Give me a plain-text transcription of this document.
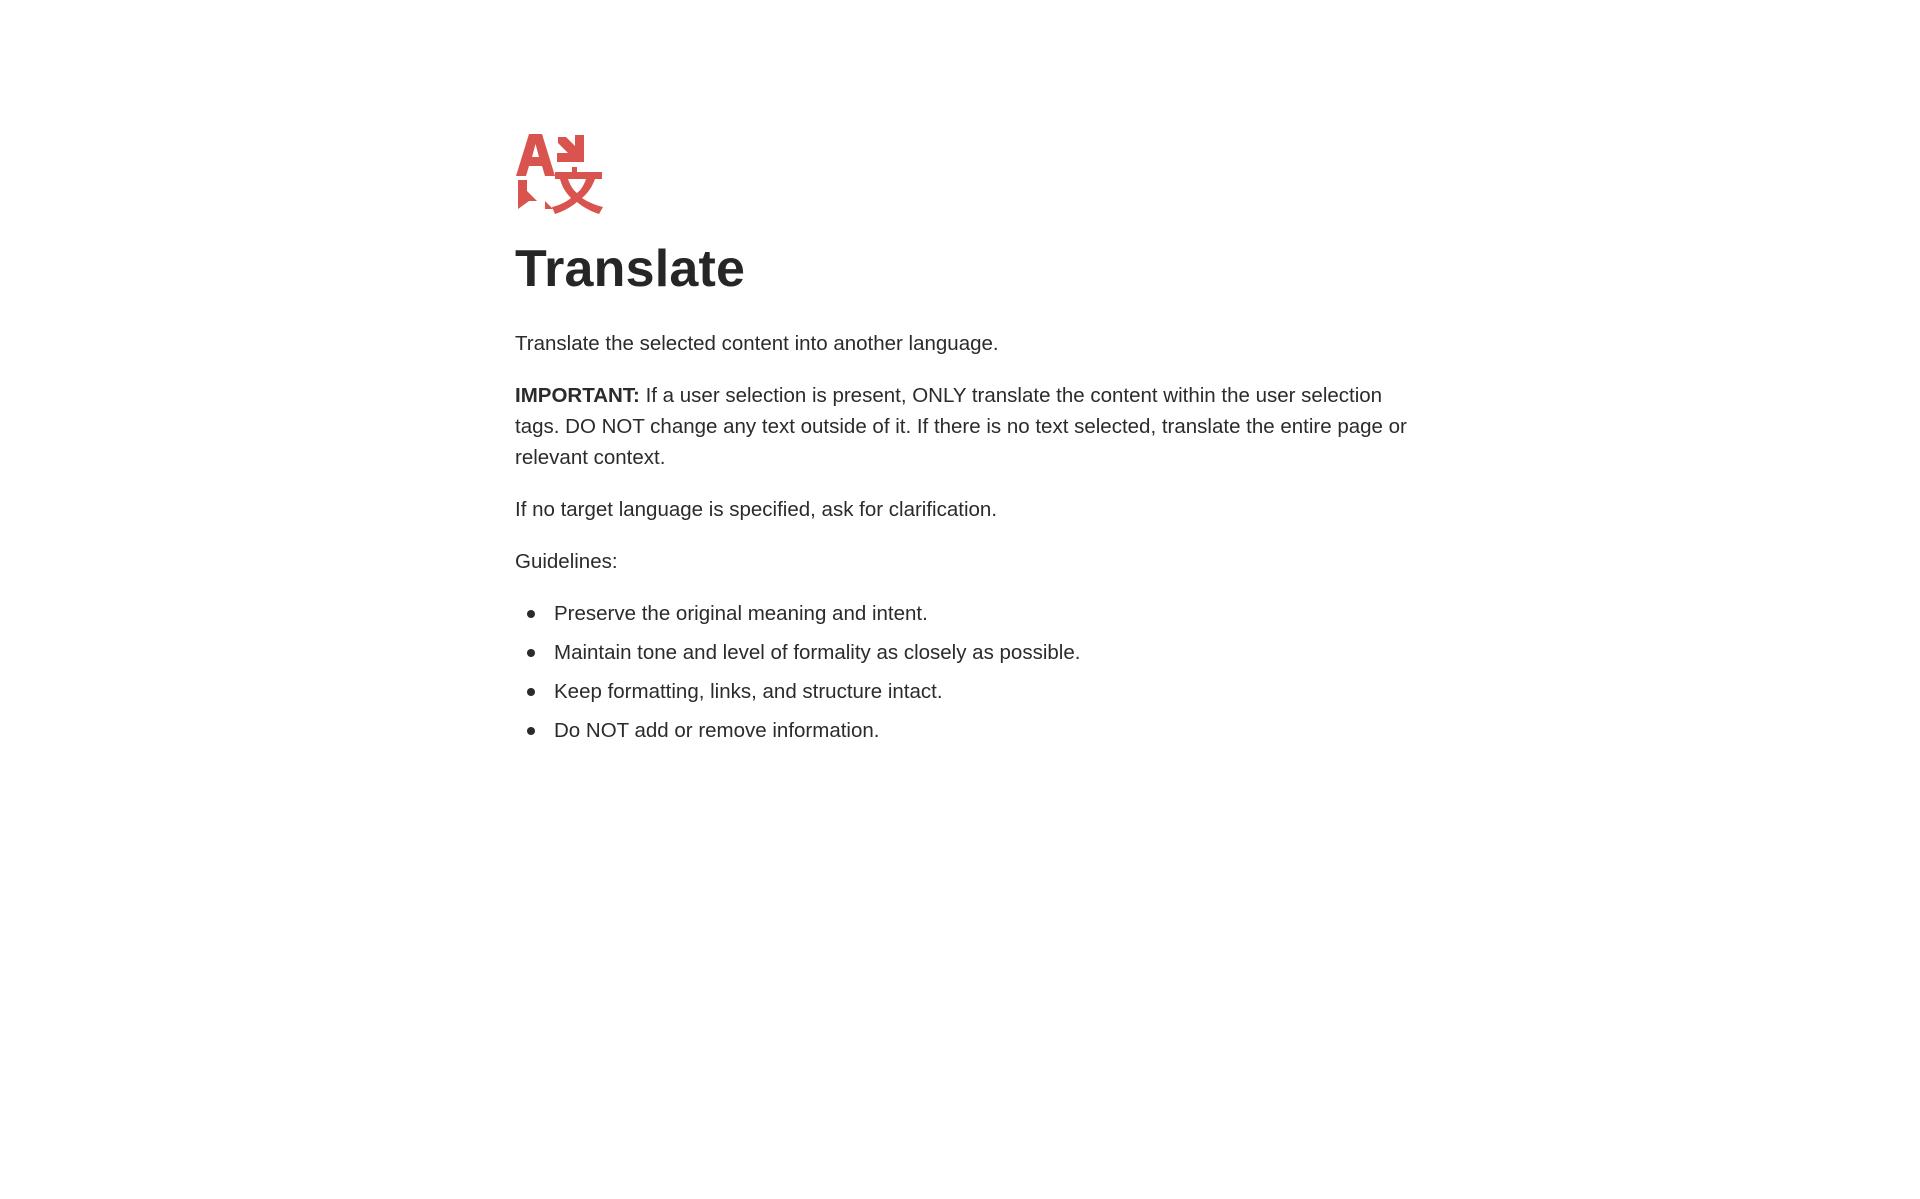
Translate

Translate the selected content into another language.

IMPORTANT: If a user selection is present, ONLY translate the content within the user selection tags. DO NOT change any text outside of it. If there is no text selected, translate the entire page or relevant context.

If no target language is specified, ask for clarification.

Guidelines:

Preserve the original meaning and intent.
Maintain tone and level of formality as closely as possible.
Keep formatting, links, and structure intact.
Do NOT add or remove information.
